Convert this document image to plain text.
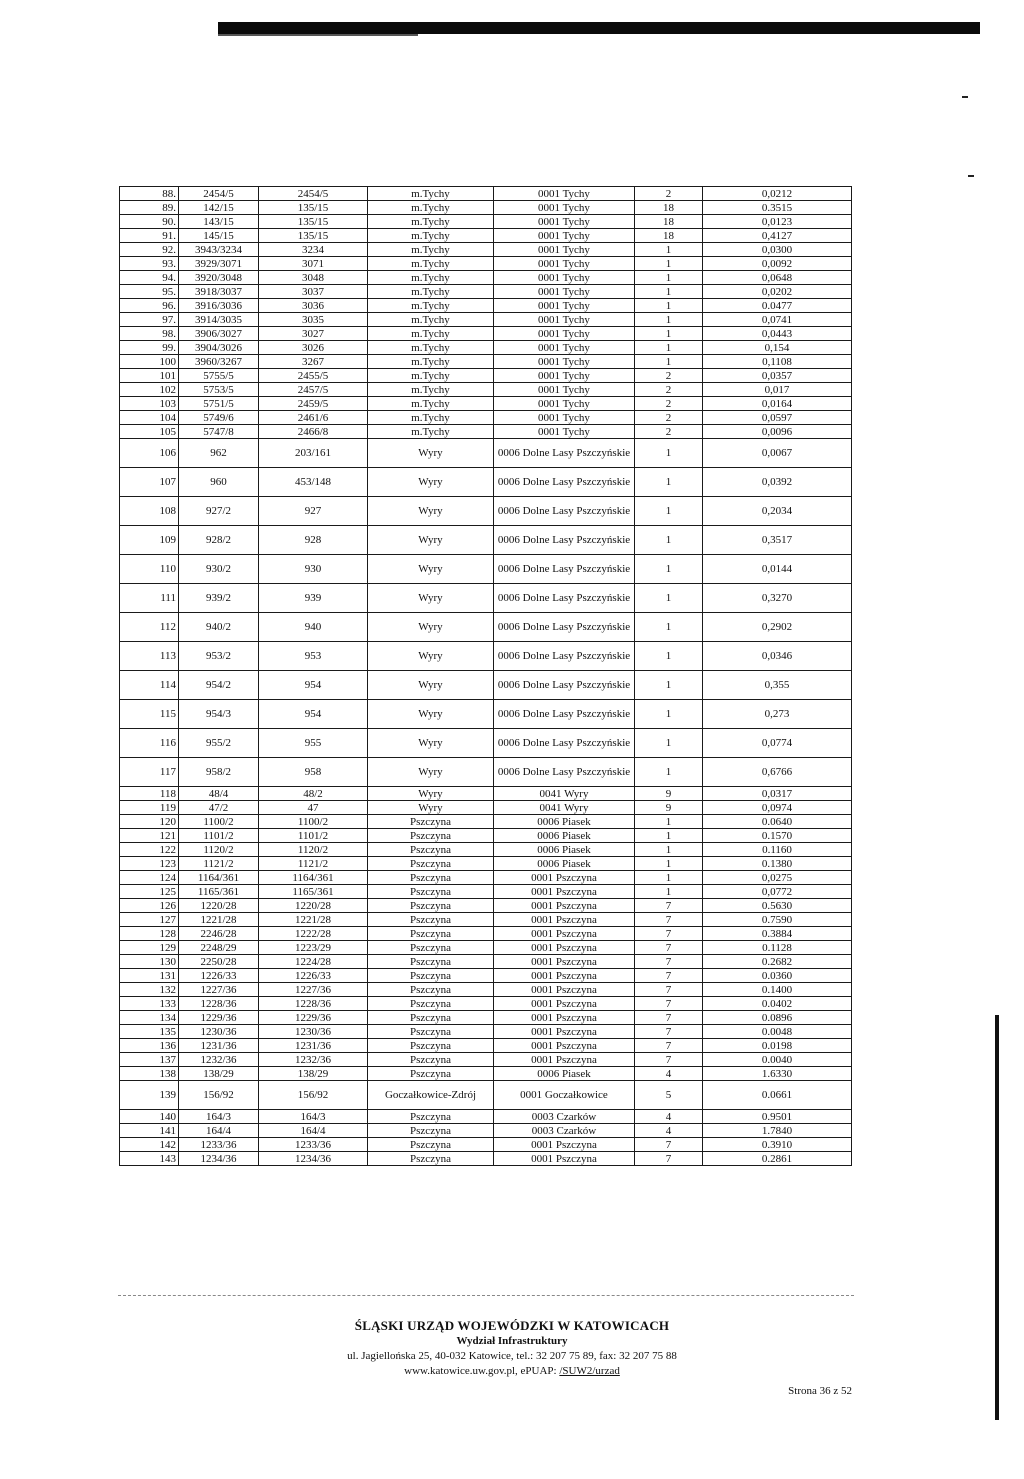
88.	2454/5	2454/5	m.Tychy	0001 Tychy	2	0,0212
89.	142/15	135/15	m.Tychy	0001 Tychy	18	0.3515
90.	143/15	135/15	m.Tychy	0001 Tychy	18	0,0123
91.	145/15	135/15	m.Tychy	0001 Tychy	18	0,4127
92.	3943/3234	3234	m.Tychy	0001 Tychy	1	0,0300
93.	3929/3071	3071	m.Tychy	0001 Tychy	1	0,0092
94.	3920/3048	3048	m.Tychy	0001 Tychy	1	0,0648
95.	3918/3037	3037	m.Tychy	0001 Tychy	1	0,0202
96.	3916/3036	3036	m.Tychy	0001 Tychy	1	0.0477
97.	3914/3035	3035	m.Tychy	0001 Tychy	1	0,0741
98.	3906/3027	3027	m.Tychy	0001 Tychy	1	0,0443
99.	3904/3026	3026	m.Tychy	0001 Tychy	1	0,154
100	3960/3267	3267	m.Tychy	0001 Tychy	1	0,1108
101	5755/5	2455/5	m.Tychy	0001 Tychy	2	0,0357
102	5753/5	2457/5	m.Tychy	0001 Tychy	2	0,017
103	5751/5	2459/5	m.Tychy	0001 Tychy	2	0,0164
104	5749/6	2461/6	m.Tychy	0001 Tychy	2	0,0597
105	5747/8	2466/8	m.Tychy	0001 Tychy	2	0,0096
106	962	203/161	Wyry	0006 Dolne Lasy Pszczyńskie	1	0,0067
107	960	453/148	Wyry	0006 Dolne Lasy Pszczyńskie	1	0,0392
108	927/2	927	Wyry	0006 Dolne Lasy Pszczyńskie	1	0,2034
109	928/2	928	Wyry	0006 Dolne Lasy Pszczyńskie	1	0,3517
110	930/2	930	Wyry	0006 Dolne Lasy Pszczyńskie	1	0,0144
111	939/2	939	Wyry	0006 Dolne Lasy Pszczyńskie	1	0,3270
112	940/2	940	Wyry	0006 Dolne Lasy Pszczyńskie	1	0,2902
113	953/2	953	Wyry	0006 Dolne Lasy Pszczyńskie	1	0,0346
114	954/2	954	Wyry	0006 Dolne Lasy Pszczyńskie	1	0,355
115	954/3	954	Wyry	0006 Dolne Lasy Pszczyńskie	1	0,273
116	955/2	955	Wyry	0006 Dolne Lasy Pszczyńskie	1	0,0774
117	958/2	958	Wyry	0006 Dolne Lasy Pszczyńskie	1	0,6766
118	48/4	48/2	Wyry	0041 Wyry	9	0,0317
119	47/2	47	Wyry	0041 Wyry	9	0,0974
120	1100/2	1100/2	Pszczyna	0006 Piasek	1	0.0640
121	1101/2	1101/2	Pszczyna	0006 Piasek	1	0.1570
122	1120/2	1120/2	Pszczyna	0006 Piasek	1	0.1160
123	1121/2	1121/2	Pszczyna	0006 Piasek	1	0.1380
124	1164/361	1164/361	Pszczyna	0001 Pszczyna	1	0,0275
125	1165/361	1165/361	Pszczyna	0001 Pszczyna	1	0,0772
126	1220/28	1220/28	Pszczyna	0001 Pszczyna	7	0.5630
127	1221/28	1221/28	Pszczyna	0001 Pszczyna	7	0.7590
128	2246/28	1222/28	Pszczyna	0001 Pszczyna	7	0.3884
129	2248/29	1223/29	Pszczyna	0001 Pszczyna	7	0.1128
130	2250/28	1224/28	Pszczyna	0001 Pszczyna	7	0.2682
131	1226/33	1226/33	Pszczyna	0001 Pszczyna	7	0.0360
132	1227/36	1227/36	Pszczyna	0001 Pszczyna	7	0.1400
133	1228/36	1228/36	Pszczyna	0001 Pszczyna	7	0.0402
134	1229/36	1229/36	Pszczyna	0001 Pszczyna	7	0.0896
135	1230/36	1230/36	Pszczyna	0001 Pszczyna	7	0.0048
136	1231/36	1231/36	Pszczyna	0001 Pszczyna	7	0.0198
137	1232/36	1232/36	Pszczyna	0001 Pszczyna	7	0.0040
138	138/29	138/29	Pszczyna	0006 Piasek	4	1.6330
139	156/92	156/92	Goczałkowice-Zdrój	0001 Goczałkowice	5	0.0661
140	164/3	164/3	Pszczyna	0003 Czarków	4	0.9501
141	164/4	164/4	Pszczyna	0003 Czarków	4	1.7840
142	1233/36	1233/36	Pszczyna	0001 Pszczyna	7	0.3910
143	1234/36	1234/36	Pszczyna	0001 Pszczyna	7	0.2861
ŚLĄSKI URZĄD WOJEWÓDZKI W KATOWICACH
Wydział Infrastruktury
ul. Jagiellońska 25, 40-032 Katowice, tel.: 32 207 75 89, fax: 32 207 75 88
www.katowice.uw.gov.pl, ePUAP: /SUW2/urzad
Strona 36 z 52
